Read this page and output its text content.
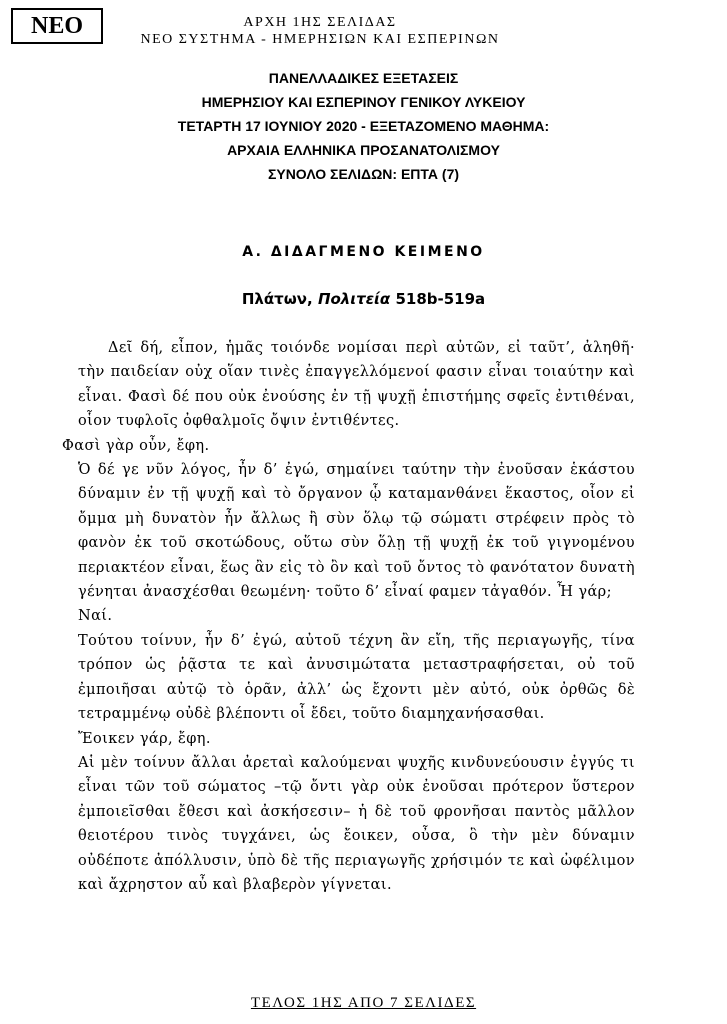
ΝΕΟ	ΑΡΧΗ 1ΗΣ ΣΕΛΙΔΑΣ
ΝΕΟ ΣΥΣΤΗΜΑ - ΗΜΕΡΗΣΙΩΝ ΚΑΙ ΕΣΠΕΡΙΝΩΝ
ΠΑΝΕΛΛΑΔΙΚΕΣ ΕΞΕΤΑΣΕΙΣ
ΗΜΕΡΗΣΙΟΥ ΚΑΙ ΕΣΠΕΡΙΝΟΥ ΓΕΝΙΚΟΥ ΛΥΚΕΙΟΥ
ΤΕΤΑΡΤΗ 17 ΙΟΥΝΙΟΥ 2020 - ΕΞΕΤΑΖΟΜΕΝΟ ΜΑΘΗΜΑ:
ΑΡΧΑΙΑ ΕΛΛΗΝΙΚΑ ΠΡΟΣΑΝΑΤΟΛΙΣΜΟΥ
ΣΥΝΟΛΟ ΣΕΛΙΔΩΝ: ΕΠΤΑ (7)
Α. ΔΙΔΑΓΜΕΝΟ ΚΕΙΜΕΝΟ
Πλάτων, Πολιτεία 518b-519a

Δεῖ δή, εἶπον, ἡμᾶς τοιόνδε νομίσαι περὶ αὐτῶν, εἰ ταῦτ’, ἀληθῆ· τὴν παιδείαν οὐχ οἵαν τινὲς ἐπαγγελλόμενοί φασιν εἶναι τοιαύτην καὶ εἶναι. Φασὶ δέ που οὐκ ἐνούσης ἐν τῇ ψυχῇ ἐπιστήμης σφεῖς ἐντιθέναι, οἷον τυφλοῖς ὀφθαλμοῖς ὄψιν ἐντιθέντες.

Φασὶ γὰρ οὖν, ἔφη.

Ὁ δέ γε νῦν λόγος, ἦν δ’ ἐγώ, σημαίνει ταύτην τὴν ἐνοῦσαν ἑκάστου δύναμιν ἐν τῇ ψυχῇ καὶ τὸ ὄργανον ᾧ καταμανθάνει ἕκαστος, οἷον εἰ ὄμμα μὴ δυνατὸν ἦν ἄλλως ἢ σὺν ὅλῳ τῷ σώματι στρέφειν πρὸς τὸ φανὸν ἐκ τοῦ σκοτώδους, οὕτω σὺν ὅλῃ τῇ ψυχῇ ἐκ τοῦ γιγνομένου περιακτέον εἶναι, ἕως ἂν εἰς τὸ ὂν καὶ τοῦ ὄντος τὸ φανότατον δυνατὴ γένηται ἀνασχέσθαι θεωμένη· τοῦτο δ’ εἶναί φαμεν τἀγαθόν. Ἦ γάρ;

Ναί.

Τούτου τοίνυν, ἦν δ’ ἐγώ, αὐτοῦ τέχνη ἂν εἴη, τῆς περιαγωγῆς, τίνα τρόπον ὡς ῥᾷστα τε καὶ ἀνυσιμώτατα μεταστραφήσεται, οὐ τοῦ ἐμποιῆσαι αὐτῷ τὸ ὁρᾶν, ἀλλ’ ὡς ἔχοντι μὲν αὐτό, οὐκ ὀρθῶς δὲ τετραμμένῳ οὐδὲ βλέποντι οἷ ἔδει, τοῦτο διαμηχανήσασθαι.

Ἔοικεν γάρ, ἔφη.

Αἱ μὲν τοίνυν ἄλλαι ἀρεταὶ καλούμεναι ψυχῆς κινδυνεύουσιν ἐγγύς τι εἶναι τῶν τοῦ σώματος –τῷ ὄντι γὰρ οὐκ ἐνοῦσαι πρότερον ὕστερον ἐμποιεῖσθαι ἔθεσι καὶ ἀσκήσεσιν– ἡ δὲ τοῦ φρονῆσαι παντὸς μᾶλλον θειοτέρου τινὸς τυγχάνει, ὡς ἔοικεν, οὖσα, ὃ τὴν μὲν δύναμιν οὐδέποτε ἀπόλλυσιν, ὑπὸ δὲ τῆς περιαγωγῆς χρήσιμόν τε καὶ ὠφέλιμον καὶ ἄχρηστον αὖ καὶ βλαβερὸν γίγνεται.

ΤΕΛΟΣ 1ΗΣ ΑΠΟ 7 ΣΕΛΙΔΕΣ
